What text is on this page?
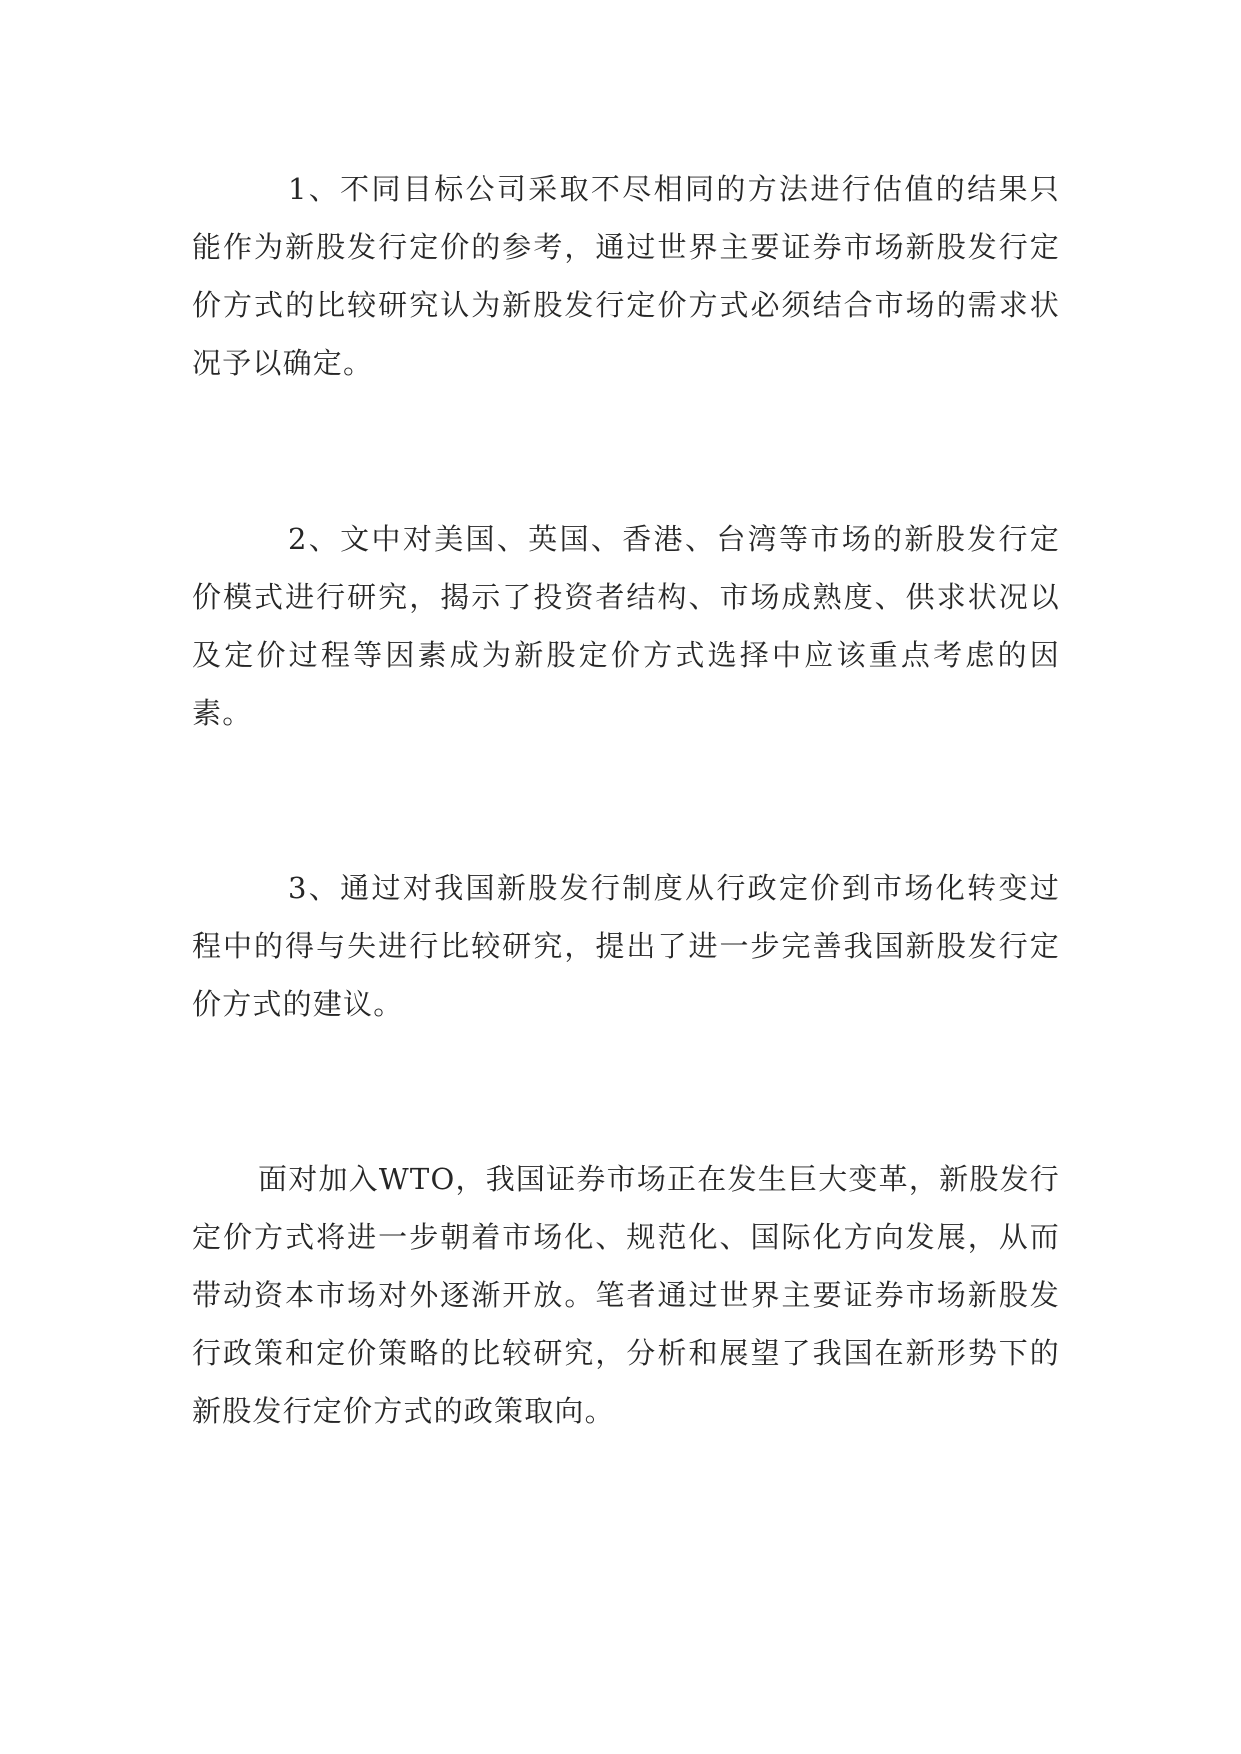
1、不同目标公司采取不尽相同的方法进行估值的结果只能作为新股发行定价的参考，通过世界主要证券市场新股发行定价方式的比较研究认为新股发行定价方式必须结合市场的需求状况予以确定。

2、文中对美国、英国、香港、台湾等市场的新股发行定价模式进行研究，揭示了投资者结构、市场成熟度、供求状况以及定价过程等因素成为新股定价方式选择中应该重点考虑的因素。

3、通过对我国新股发行制度从行政定价到市场化转变过程中的得与失进行比较研究，提出了进一步完善我国新股发行定价方式的建议。

面对加入WTO，我国证券市场正在发生巨大变革，新股发行定价方式将进一步朝着市场化、规范化、国际化方向发展，从而带动资本市场对外逐渐开放。笔者通过世界主要证券市场新股发行政策和定价策略的比较研究，分析和展望了我国在新形势下的新股发行定价方式的政策取向。
